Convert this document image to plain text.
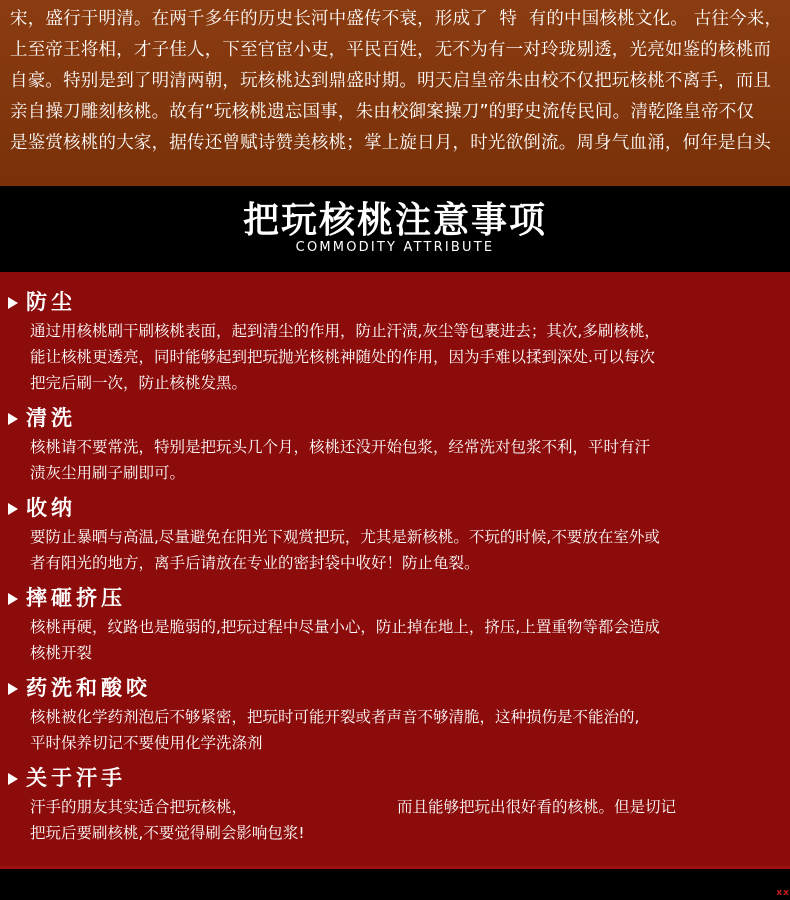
宋，盛行于明清。在两千多年的历史长河中盛传不衰，形成了  特  有的中国核桃文化。 古往今来，

上至帝王将相，才子佳人，下至官宦小吏，平民百姓，无不为有一对玲珑剔透，光亮如鉴的核桃而

自豪。特别是到了明清两朝，玩核桃达到鼎盛时期。明天启皇帝朱由校不仅把玩核桃不离手，而且

亲自操刀雕刻核桃。故有“玩核桃遗忘国事，朱由校御案操刀”的野史流传民间。清乾隆皇帝不仅

是鉴赏核桃的大家，据传还曾赋诗赞美核桃；掌上旋日月，时光欲倒流。周身气血涌，何年是白头

把玩核桃注意事项
COMMODITY ATTRIBUTE
防尘
通过用核桃刷干刷核桃表面，起到清尘的作用，防止汗渍,灰尘等包裹进去；其次,多刷核桃，
能让核桃更透亮，同时能够起到把玩抛光核桃神随处的作用，因为手难以揉到深处.可以每次
把完后刷一次，防止核桃发黑。
清洗
核桃请不要常洗，特别是把玩头几个月，核桃还没开始包浆，经常洗对包浆不利，平时有汗
渍灰尘用刷子刷即可。
收纳
要防止暴晒与高温,尽量避免在阳光下观赏把玩，尤其是新核桃。不玩的时候,不要放在室外或
者有阳光的地方，离手后请放在专业的密封袋中收好！防止龟裂。
摔砸挤压
核桃再硬，纹路也是脆弱的,把玩过程中尽量小心，防止掉在地上，挤压,上置重物等都会造成
核桃开裂
药洗和酸咬
核桃被化学药剂泡后不够紧密，把玩时可能开裂或者声音不够清脆，这种损伤是不能治的,
平时保养切记不要使用化学洗涤剂
关于汗手
汗手的朋友其实适合把玩核桃，	而且能够把玩出很好看的核桃。但是切记
把玩后要刷核桃,不要觉得刷会影响包浆!
xx
